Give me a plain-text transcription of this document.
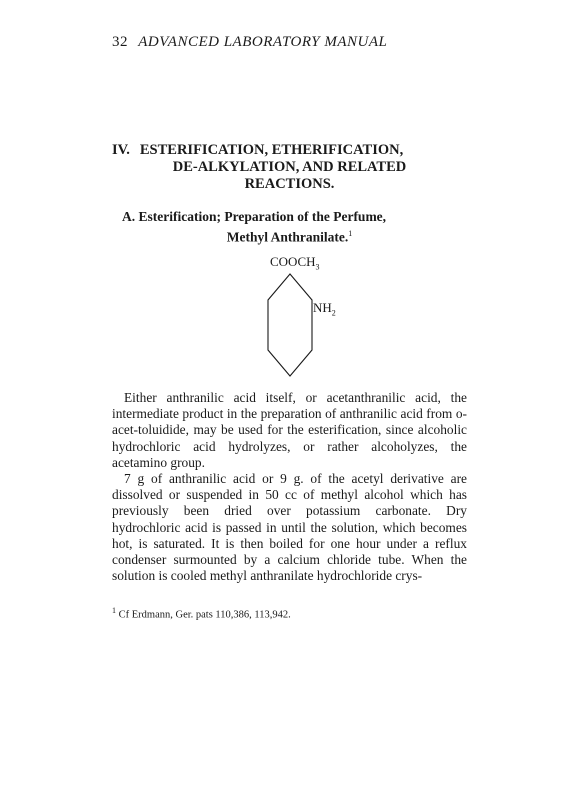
32 ADVANCED LABORATORY MANUAL
IV. ESTERIFICATION, ETHERIFICATION,
DE-ALKYLATION, AND RELATED
REACTIONS.
A. Esterification; Preparation of the Perfume,
Methyl Anthranilate.$^1$
$COOCH_3$
$NH_2$

Either anthranilic acid itself, or acetanthranilic acid, the intermediate product in the preparation of anthranilic acid from o-acet-toluidide, may be used for the esterification, since alcoholic hydrochloric acid hydrolyzes, or rather alcoholyzes, the acetamino group.

7 g of anthranilic acid or 9 g. of the acetyl derivative are dissolved or suspended in 50 cc of methyl alcohol which has previously been dried over potassium carbonate. Dry hydrochloric acid is passed in until the solution, which becomes hot, is saturated. It is then boiled for one hour under a reflux condenser surmounted by a calcium chloride tube. When the solution is cooled methyl anthranilate hydrochloride crys-

$^1$ Cf Erdmann, Ger. pats 110,386, 113,942.
